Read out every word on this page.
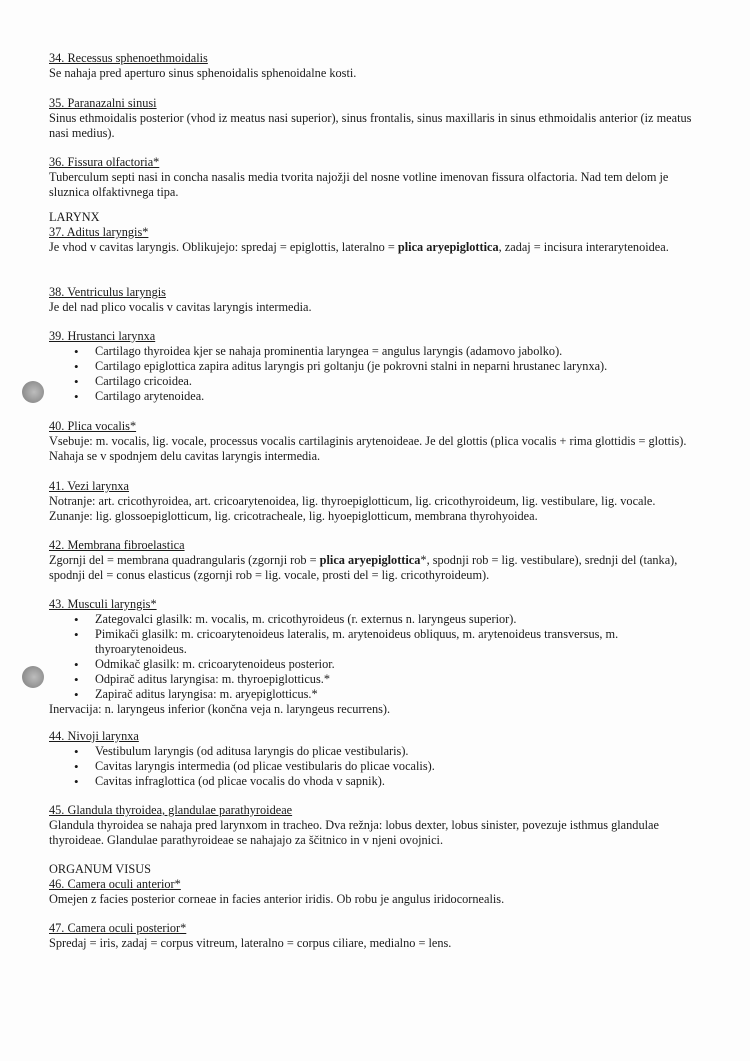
34. Recessus sphenoethmoidalis

Se nahaja pred aperturo sinus sphenoidalis sphenoidalne kosti.

35. Paranazalni sinusi

Sinus ethmoidalis posterior (vhod iz meatus nasi superior), sinus frontalis, sinus maxillaris in sinus ethmoidalis anterior (iz meatus nasi medius).

36. Fissura olfactoria*

Tuberculum septi nasi in concha nasalis media tvorita najožji del nosne votline imenovan fissura olfactoria. Nad tem delom je sluznica olfaktivnega tipa.

LARYNX
37. Aditus laryngis*

Je vhod v cavitas laryngis. Oblikujejo: spredaj = epiglottis, lateralno = plica aryepiglottica, zadaj = incisura interarytenoidea.

38. Ventriculus laryngis

Je del nad plico vocalis v cavitas laryngis intermedia.

39. Hrustanci larynxa
• Cartilago thyroidea kjer se nahaja prominentia laryngea = angulus laryngis (adamovo jabolko).
• Cartilago epiglottica zapira aditus laryngis pri goltanju (je pokrovni stalni in neparni hrustanec larynxa).
• Cartilago cricoidea.
• Cartilago arytenoidea.
40. Plica vocalis*

Vsebuje: m. vocalis, lig. vocale, processus vocalis cartilaginis arytenoideae. Je del glottis (plica vocalis + rima glottidis = glottis). Nahaja se v spodnjem delu cavitas laryngis intermedia.

41. Vezi larynxa

Notranje: art. cricothyroidea, art. cricoarytenoidea, lig. thyroepiglotticum, lig. cricothyroideum, lig. vestibulare, lig. vocale.

Zunanje: lig. glossoepiglotticum, lig. cricotracheale, lig. hyoepiglotticum, membrana thyrohyoidea.

42. Membrana fibroelastica

Zgornji del = membrana quadrangularis (zgornji rob = plica aryepiglottica*, spodnji rob = lig. vestibulare), srednji del (tanka), spodnji del = conus elasticus (zgornji rob = lig. vocale, prosti del = lig. cricothyroideum).

43. Musculi laryngis*
• Zategovalci glasilk: m. vocalis, m. cricothyroideus (r. externus n. laryngeus superior).
• Pimikači glasilk: m. cricoarytenoideus lateralis, m. arytenoideus obliquus, m. arytenoideus transversus, m. thyroarytenoideus.
• Odmikač glasilk: m. cricoarytenoideus posterior.
• Odpirač aditus laryngisa: m. thyroepiglotticus.*
• Zapirač aditus laryngisa: m. aryepiglotticus.*

Inervacija: n. laryngeus inferior (končna veja n. laryngeus recurrens).

44. Nivoji larynxa
• Vestibulum laryngis (od aditusa laryngis do plicae vestibularis).
• Cavitas laryngis intermedia (od plicae vestibularis do plicae vocalis).
• Cavitas infraglottica (od plicae vocalis do vhoda v sapnik).
45. Glandula thyroidea, glandulae parathyroideae

Glandula thyroidea se nahaja pred larynxom in tracheo. Dva režnja: lobus dexter, lobus sinister, povezuje isthmus glandulae thyroideae. Glandulae parathyroideae se nahajajo za ščitnico in v njeni ovojnici.

ORGANUM VISUS
46. Camera oculi anterior*

Omejen z facies posterior corneae in facies anterior iridis. Ob robu je angulus iridocornealis.

47. Camera oculi posterior*

Spredaj = iris, zadaj = corpus vitreum, lateralno = corpus ciliare, medialno = lens.
